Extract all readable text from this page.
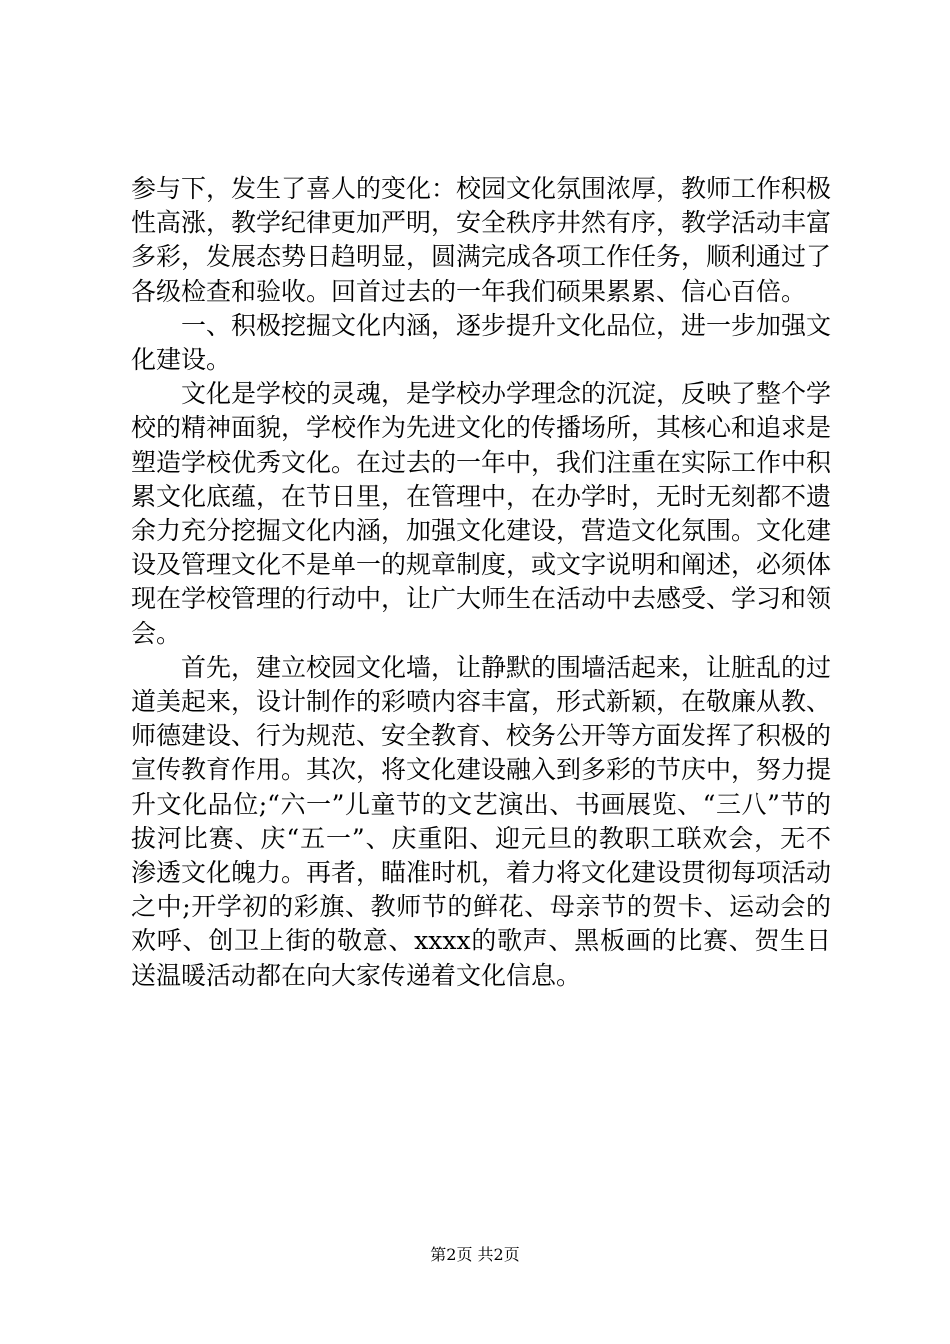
参与下，发生了喜人的变化：校园文化氛围浓厚，教师工作积极性高涨，教学纪律更加严明，安全秩序井然有序，教学活动丰富多彩，发展态势日趋明显，圆满完成各项工作任务，顺利通过了各级检查和验收。回首过去的一年我们硕果累累、信心百倍。

一、积极挖掘文化内涵，逐步提升文化品位，进一步加强文化建设。

文化是学校的灵魂，是学校办学理念的沉淀，反映了整个学校的精神面貌，学校作为先进文化的传播场所，其核心和追求是塑造学校优秀文化。在过去的一年中，我们注重在实际工作中积累文化底蕴，在节日里，在管理中，在办学时，无时无刻都不遗余力充分挖掘文化内涵，加强文化建设，营造文化氛围。文化建设及管理文化不是单一的规章制度，或文字说明和阐述，必须体现在学校管理的行动中，让广大师生在活动中去感受、学习和领会。

首先，建立校园文化墙，让静默的围墙活起来，让脏乱的过道美起来，设计制作的彩喷内容丰富，形式新颖，在敬廉从教、师德建设、行为规范、安全教育、校务公开等方面发挥了积极的宣传教育作用。其次，将文化建设融入到多彩的节庆中，努力提升文化品位;“六一”儿童节的文艺演出、书画展览、“三八”节的拔河比赛、庆“五一”、庆重阳、迎元旦的教职工联欢会，无不渗透文化魄力。再者，瞄准时机，着力将文化建设贯彻每项活动之中;开学初的彩旗、教师节的鲜花、母亲节的贺卡、运动会的欢呼、创卫上街的敬意、xxxx的歌声、黑板画的比赛、贺生日送温暖活动都在向大家传递着文化信息。

第2页 共2页
